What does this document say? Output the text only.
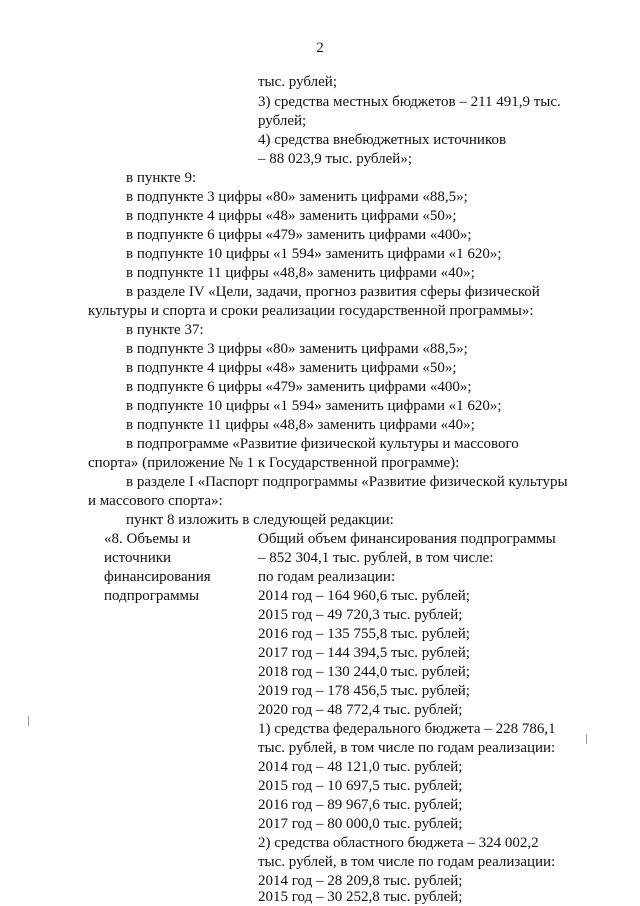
2
тыс. рублей;
3) средства местных бюджетов – 211 491,9 тыс.
рублей;
4) средства внебюджетных источников
– 88 023,9 тыс. рублей»;
в пункте 9:
в подпункте 3 цифры «80» заменить цифрами «88,5»;
в подпункте 4 цифры «48» заменить цифрами «50»;
в подпункте 6 цифры «479» заменить цифрами «400»;
в подпункте 10 цифры «1 594» заменить цифрами «1 620»;
в подпункте 11 цифры «48,8» заменить цифрами «40»;
в разделе IV «Цели, задачи, прогноз развития сферы физической
культуры и спорта и сроки реализации государственной программы»:
в пункте 37:
в подпункте 3 цифры «80» заменить цифрами «88,5»;
в подпункте 4 цифры «48» заменить цифрами «50»;
в подпункте 6 цифры «479» заменить цифрами «400»;
в подпункте 10 цифры «1 594» заменить цифрами «1 620»;
в подпункте 11 цифры «48,8» заменить цифрами «40»;
в подпрограмме «Развитие физической культуры и массового
спорта» (приложение № 1 к Государственной программе):
в разделе I «Паспорт подпрограммы «Развитие физической культуры
и массового спорта»:
пункт 8 изложить в следующей редакции:
«8. Объемы и
источники
финансирования
подпрограммы
Общий объем финансирования подпрограммы
– 852 304,1 тыс. рублей, в том числе:
по годам реализации:
2014 год – 164 960,6 тыс. рублей;
2015 год – 49 720,3 тыс. рублей;
2016 год – 135 755,8 тыс. рублей;
2017 год – 144 394,5 тыс. рублей;
2018 год – 130 244,0 тыс. рублей;
2019 год – 178 456,5 тыс. рублей;
2020 год – 48 772,4 тыс. рублей;
1) средства федерального бюджета – 228 786,1
тыс. рублей, в том числе по годам реализации:
2014 год – 48 121,0 тыс. рублей;
2015 год – 10 697,5 тыс. рублей;
2016 год – 89 967,6 тыс. рублей;
2017 год – 80 000,0 тыс. рублей;
2) средства областного бюджета – 324 002,2
тыс. рублей, в том числе по годам реализации:
2014 год – 28 209,8 тыс. рублей;
2015 год – 30 252,8 тыс. рублей;
